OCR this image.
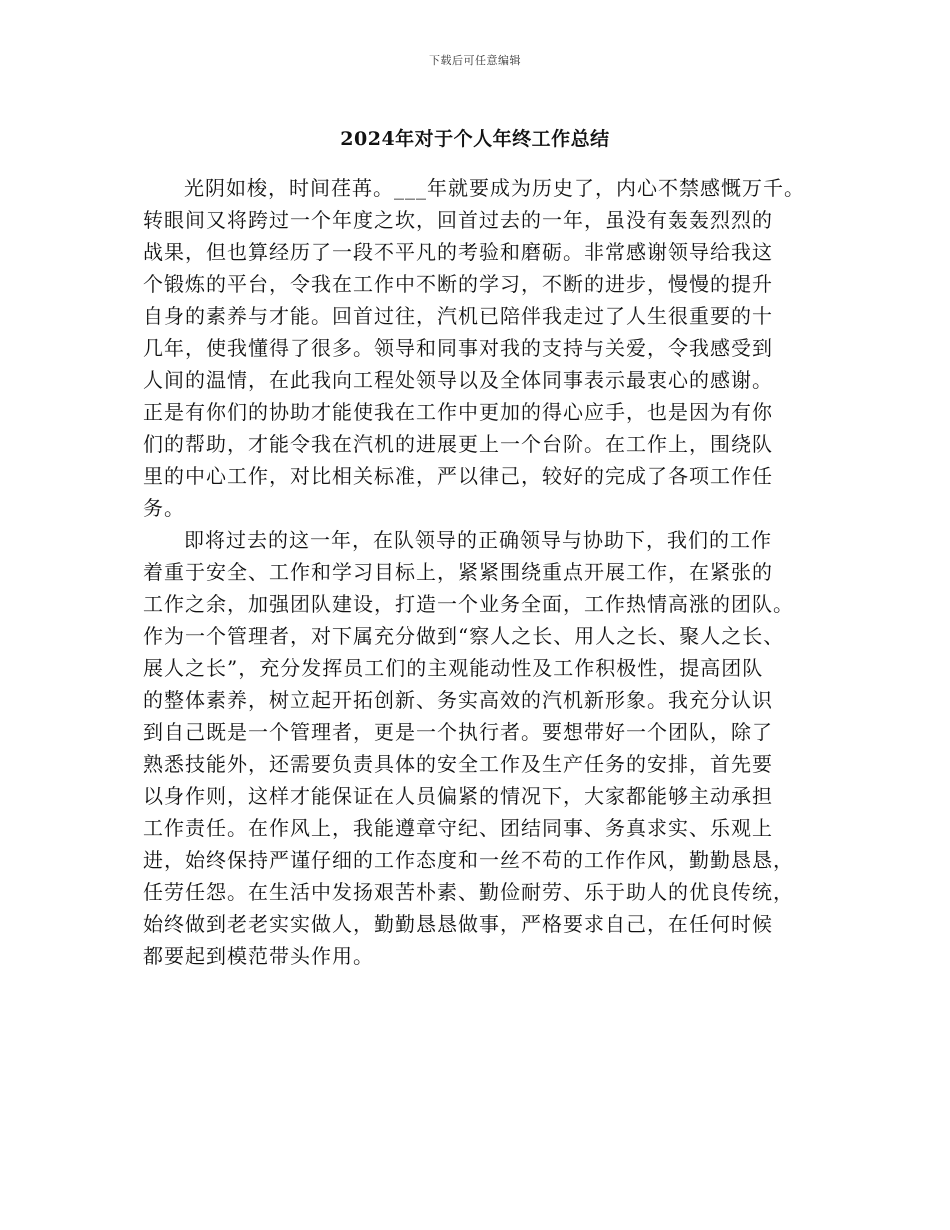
下载后可任意编辑
2024年对于个人年终工作总结
光阴如梭，时间荏苒。___年就要成为历史了，内心不禁感慨万千。
转眼间又将跨过一个年度之坎，回首过去的一年，虽没有轰轰烈烈的
战果，但也算经历了一段不平凡的考验和磨砺。非常感谢领导给我这
个锻炼的平台，令我在工作中不断的学习，不断的进步，慢慢的提升
自身的素养与才能。回首过往，汽机已陪伴我走过了人生很重要的十
几年，使我懂得了很多。领导和同事对我的支持与关爱，令我感受到
人间的温情，在此我向工程处领导以及全体同事表示最衷心的感谢。
正是有你们的协助才能使我在工作中更加的得心应手，也是因为有你
们的帮助，才能令我在汽机的进展更上一个台阶。在工作上，围绕队
里的中心工作，对比相关标准，严以律己，较好的完成了各项工作任
务。
即将过去的这一年，在队领导的正确领导与协助下，我们的工作
着重于安全、工作和学习目标上，紧紧围绕重点开展工作，在紧张的
工作之余，加强团队建设，打造一个业务全面，工作热情高涨的团队。
作为一个管理者，对下属充分做到“察人之长、用人之长、聚人之长、
展人之长”，充分发挥员工们的主观能动性及工作积极性，提高团队
的整体素养，树立起开拓创新、务实高效的汽机新形象。我充分认识
到自己既是一个管理者，更是一个执行者。要想带好一个团队，除了
熟悉技能外，还需要负责具体的安全工作及生产任务的安排，首先要
以身作则，这样才能保证在人员偏紧的情况下，大家都能够主动承担
工作责任。在作风上，我能遵章守纪、团结同事、务真求实、乐观上
进，始终保持严谨仔细的工作态度和一丝不苟的工作作风，勤勤恳恳，
任劳任怨。在生活中发扬艰苦朴素、勤俭耐劳、乐于助人的优良传统，
始终做到老老实实做人，勤勤恳恳做事，严格要求自己，在任何时候
都要起到模范带头作用。
